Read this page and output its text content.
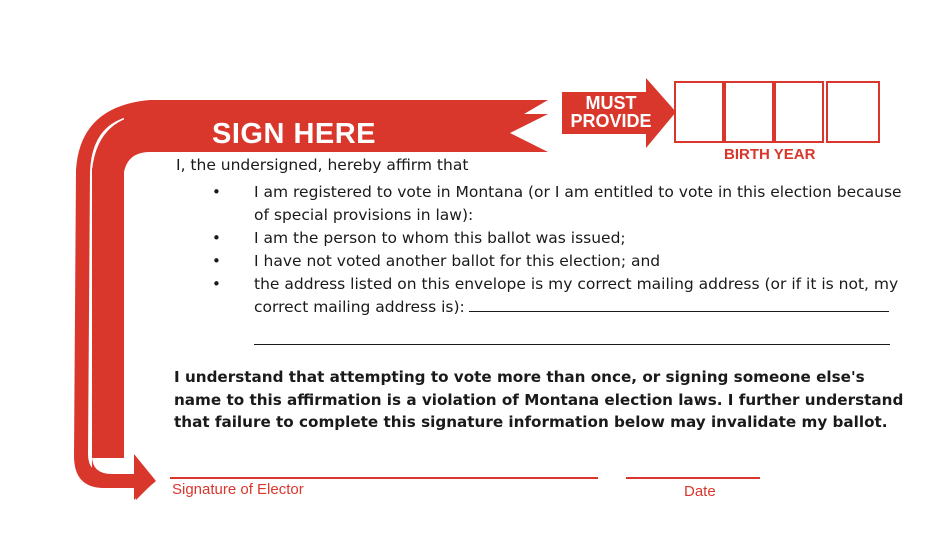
SIGN HERE
MUST
PROVIDE
BIRTH YEAR
I, the undersigned, hereby affirm that
• I am registered to vote in Montana (or I am entitled to vote in this election because of special provisions in law):
• I am the person to whom this ballot was issued;
• I have not voted another ballot for this election; and
• the address listed on this envelope is my correct mailing address (or if it is not, my correct mailing address is):
I understand that attempting to vote more than once, or signing someone else's name to this affirmation is a violation of Montana election laws. I further understand that failure to complete this signature information below may invalidate my ballot.
Signature of Elector	Date
